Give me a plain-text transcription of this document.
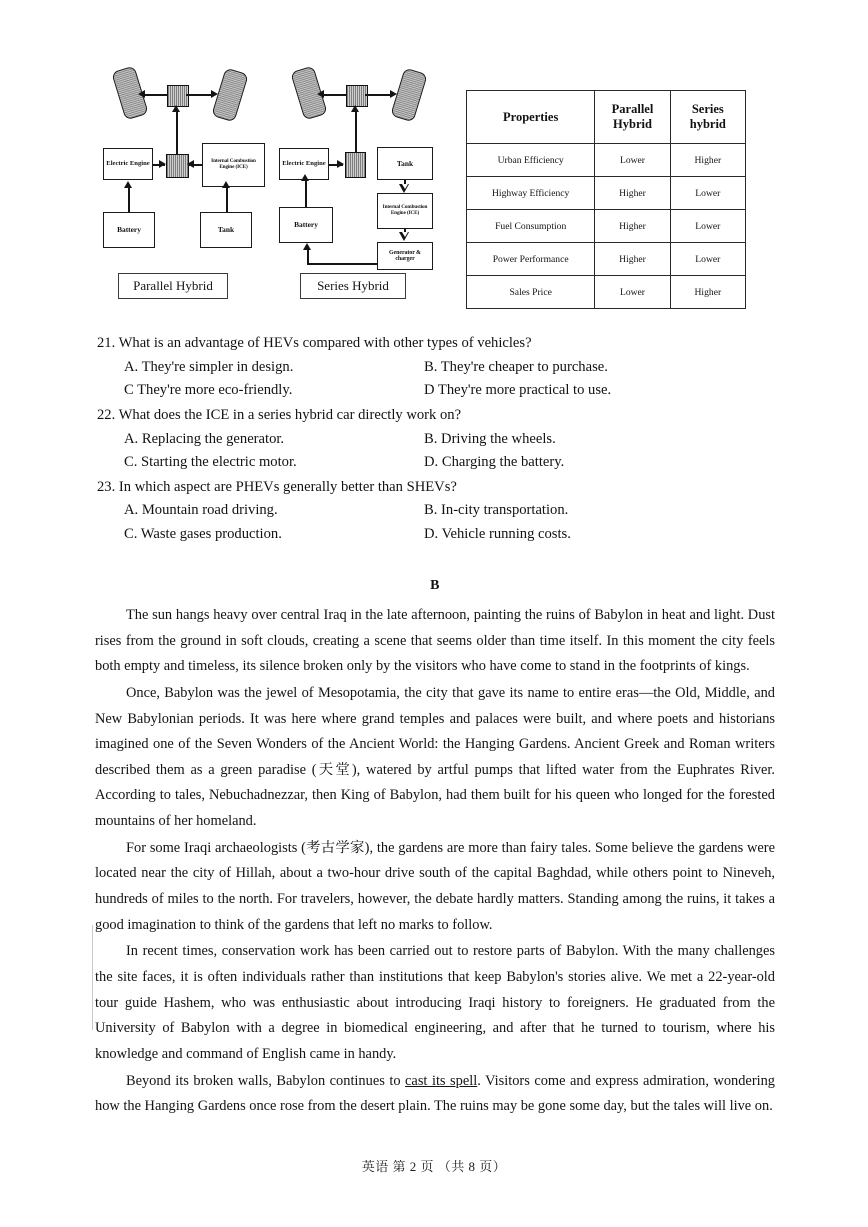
Electric Engine	Internal Combustion Engine (ICE)
Battery	Tank
Parallel Hybrid
Electric Engine	Tank
Internal Combustion Engine (ICE)
Generator & charger
Battery
Series Hybrid
Properties	Parallel Hybrid	Series hybrid
Urban Efficiency	Lower	Higher
Highway Efficiency	Higher	Lower
Fuel Consumption	Higher	Lower
Power Performance	Higher	Lower
Sales Price	Lower	Higher
21. What is an advantage of HEVs compared with other types of vehicles?
A. They're simpler in design.	B. They're cheaper to purchase.
C They're more eco-friendly.	D They're more practical to use.
22. What does the ICE in a series hybrid car directly work on?
A. Replacing the generator.	B. Driving the wheels.
C. Starting the electric motor.	D. Charging the battery.
23. In which aspect are PHEVs generally better than SHEVs?
A. Mountain road driving.	B. In-city transportation.
C. Waste gases production.	D. Vehicle running costs.
B

The sun hangs heavy over central Iraq in the late afternoon, painting the ruins of Babylon in heat and light. Dust rises from the ground in soft clouds, creating a scene that seems older than time itself. In this moment the city feels both empty and timeless, its silence broken only by the visitors who have come to stand in the footprints of kings.

Once, Babylon was the jewel of Mesopotamia, the city that gave its name to entire eras—the Old, Middle, and New Babylonian periods. It was here where grand temples and palaces were built, and where poets and historians imagined one of the Seven Wonders of the Ancient World: the Hanging Gardens. Ancient Greek and Roman writers described them as a green paradise (天堂), watered by artful pumps that lifted water from the Euphrates River. According to tales, Nebuchadnezzar, then King of Babylon, had them built for his queen who longed for the forested mountains of her homeland.

For some Iraqi archaeologists (考古学家), the gardens are more than fairy tales. Some believe the gardens were located near the city of Hillah, about a two-hour drive south of the capital Baghdad, while others point to Nineveh, hundreds of miles to the north. For travelers, however, the debate hardly matters. Standing among the ruins, it takes a good imagination to think of the gardens that left no marks to follow.

In recent times, conservation work has been carried out to restore parts of Babylon. With the many challenges the site faces, it is often individuals rather than institutions that keep Babylon's stories alive. We met a 22-year-old tour guide Hashem, who was enthusiastic about introducing Iraqi history to foreigners. He graduated from the University of Babylon with a degree in biomedical engineering, and after that he turned to tourism, where his knowledge and command of English came in handy.

Beyond its broken walls, Babylon continues to cast its spell. Visitors come and express admiration, wondering how the Hanging Gardens once rose from the desert plain. The ruins may be gone some day, but the tales will live on.

英语 第 2 页 （共 8 页）
